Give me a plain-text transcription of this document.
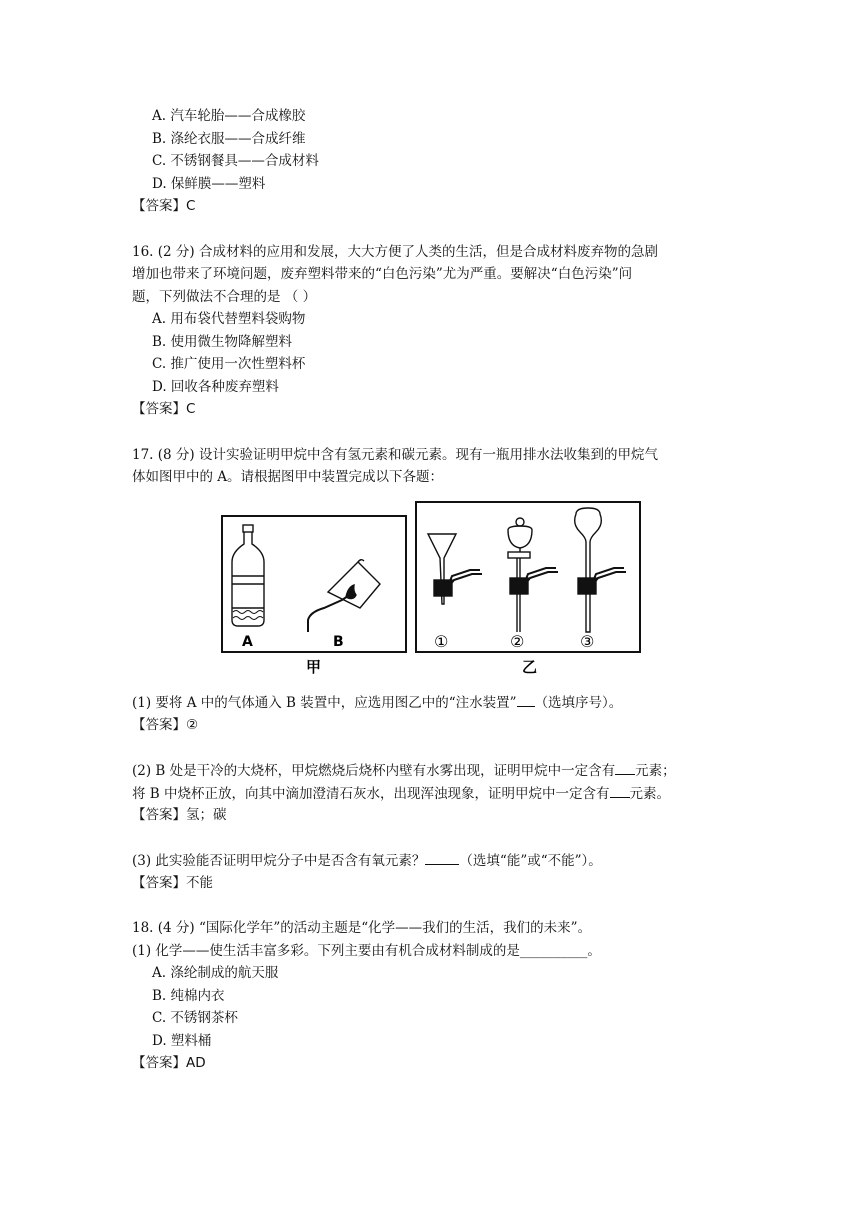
A. 汽车轮胎——合成橡胶
B. 涤纶衣服——合成纤维
C. 不锈钢餐具——合成材料
D. 保鲜膜——塑料
【答案】C
16. (2 分) 合成材料的应用和发展，大大方便了人类的生活，但是合成材料废弃物的急剧
增加也带来了环境问题，废弃塑料带来的“白色污染”尤为严重。要解决“白色污染”问
题，下列做法不合理的是 （ ）
A. 用布袋代替塑料袋购物
B. 使用微生物降解塑料
C. 推广使用一次性塑料杯
D. 回收各种废弃塑料
【答案】C
17. (8 分) 设计实验证明甲烷中含有氢元素和碳元素。现有一瓶用排水法收集到的甲烷气
体如图甲中的 A。请根据图甲中装置完成以下各题：
A	B	①	②	③
甲	乙
(1) 要将 A 中的气体通入 B 装置中，应选用图乙中的“注水装置” （选填序号）。
【答案】②
(2) B 处是干冷的大烧杯，甲烷燃烧后烧杯内壁有水雾出现，证明甲烷中一定含有 元素；
将 B 中烧杯正放，向其中滴加澄清石灰水，出现浑浊现象，证明甲烷中一定含有 元素。
【答案】氢；碳
(3) 此实验能否证明甲烷分子中是否含有氧元素？	（选填“能”或“不能”）。
【答案】不能
18. (4 分) “国际化学年”的活动主题是“化学——我们的生活，我们的未来”。
(1) 化学——使生活丰富多彩。下列主要由有机合成材料制成的是__________。
A. 涤纶制成的航天服
B. 纯棉内衣
C. 不锈钢茶杯
D. 塑料桶
【答案】AD
